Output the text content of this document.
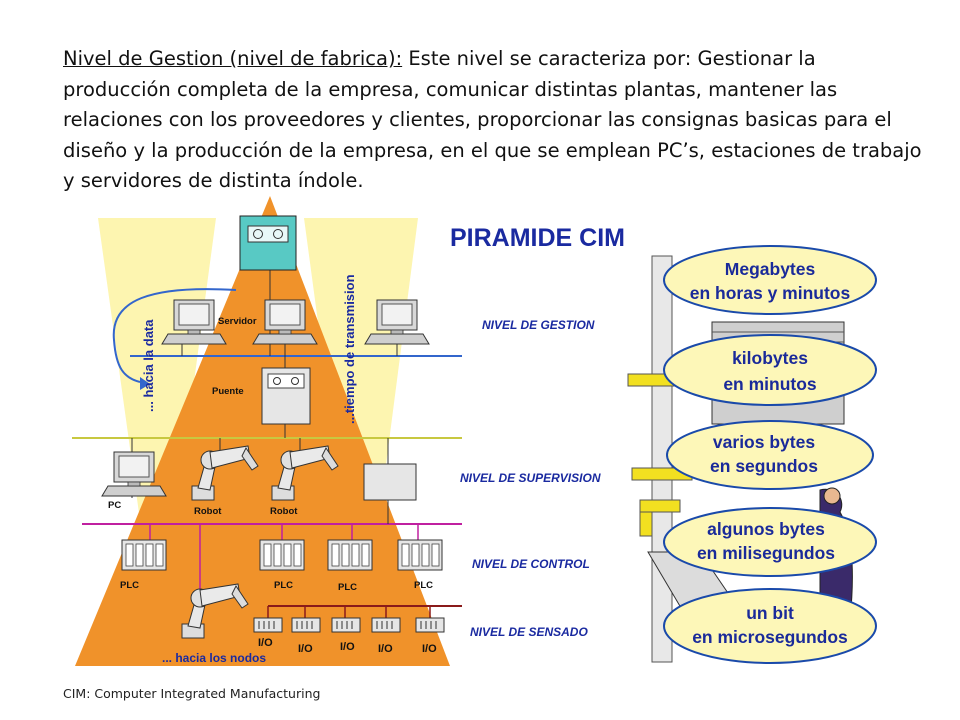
Nivel de Gestion (nivel de fabrica): Este nivel se caracteriza por: Gestionar la producción completa de la empresa, comunicar distintas plantas, mantener las relaciones con los proveedores y clientes, proporcionar las consignas basicas para el diseño y la producción de la empresa, en el que se emplean PC’s, estaciones de trabajo y servidores de distinta índole.
Servidor
Puente
PC
Robot	Robot
PLC	PLC	PLC	PLC
I/O I/O I/O I/O	I/O
... hacia la data	...tiempo de transmision
... hacia los nodos
PIRAMIDE CIM
NIVEL DE GESTION
NIVEL DE SUPERVISION
NIVEL DE CONTROL
NIVEL DE SENSADO
Megabytes
en horas y minutos
kilobytes
en minutos
varios bytes
en segundos
algunos bytes
en milisegundos
un bit
en microsegundos
CIM: Computer Integrated Manufacturing
